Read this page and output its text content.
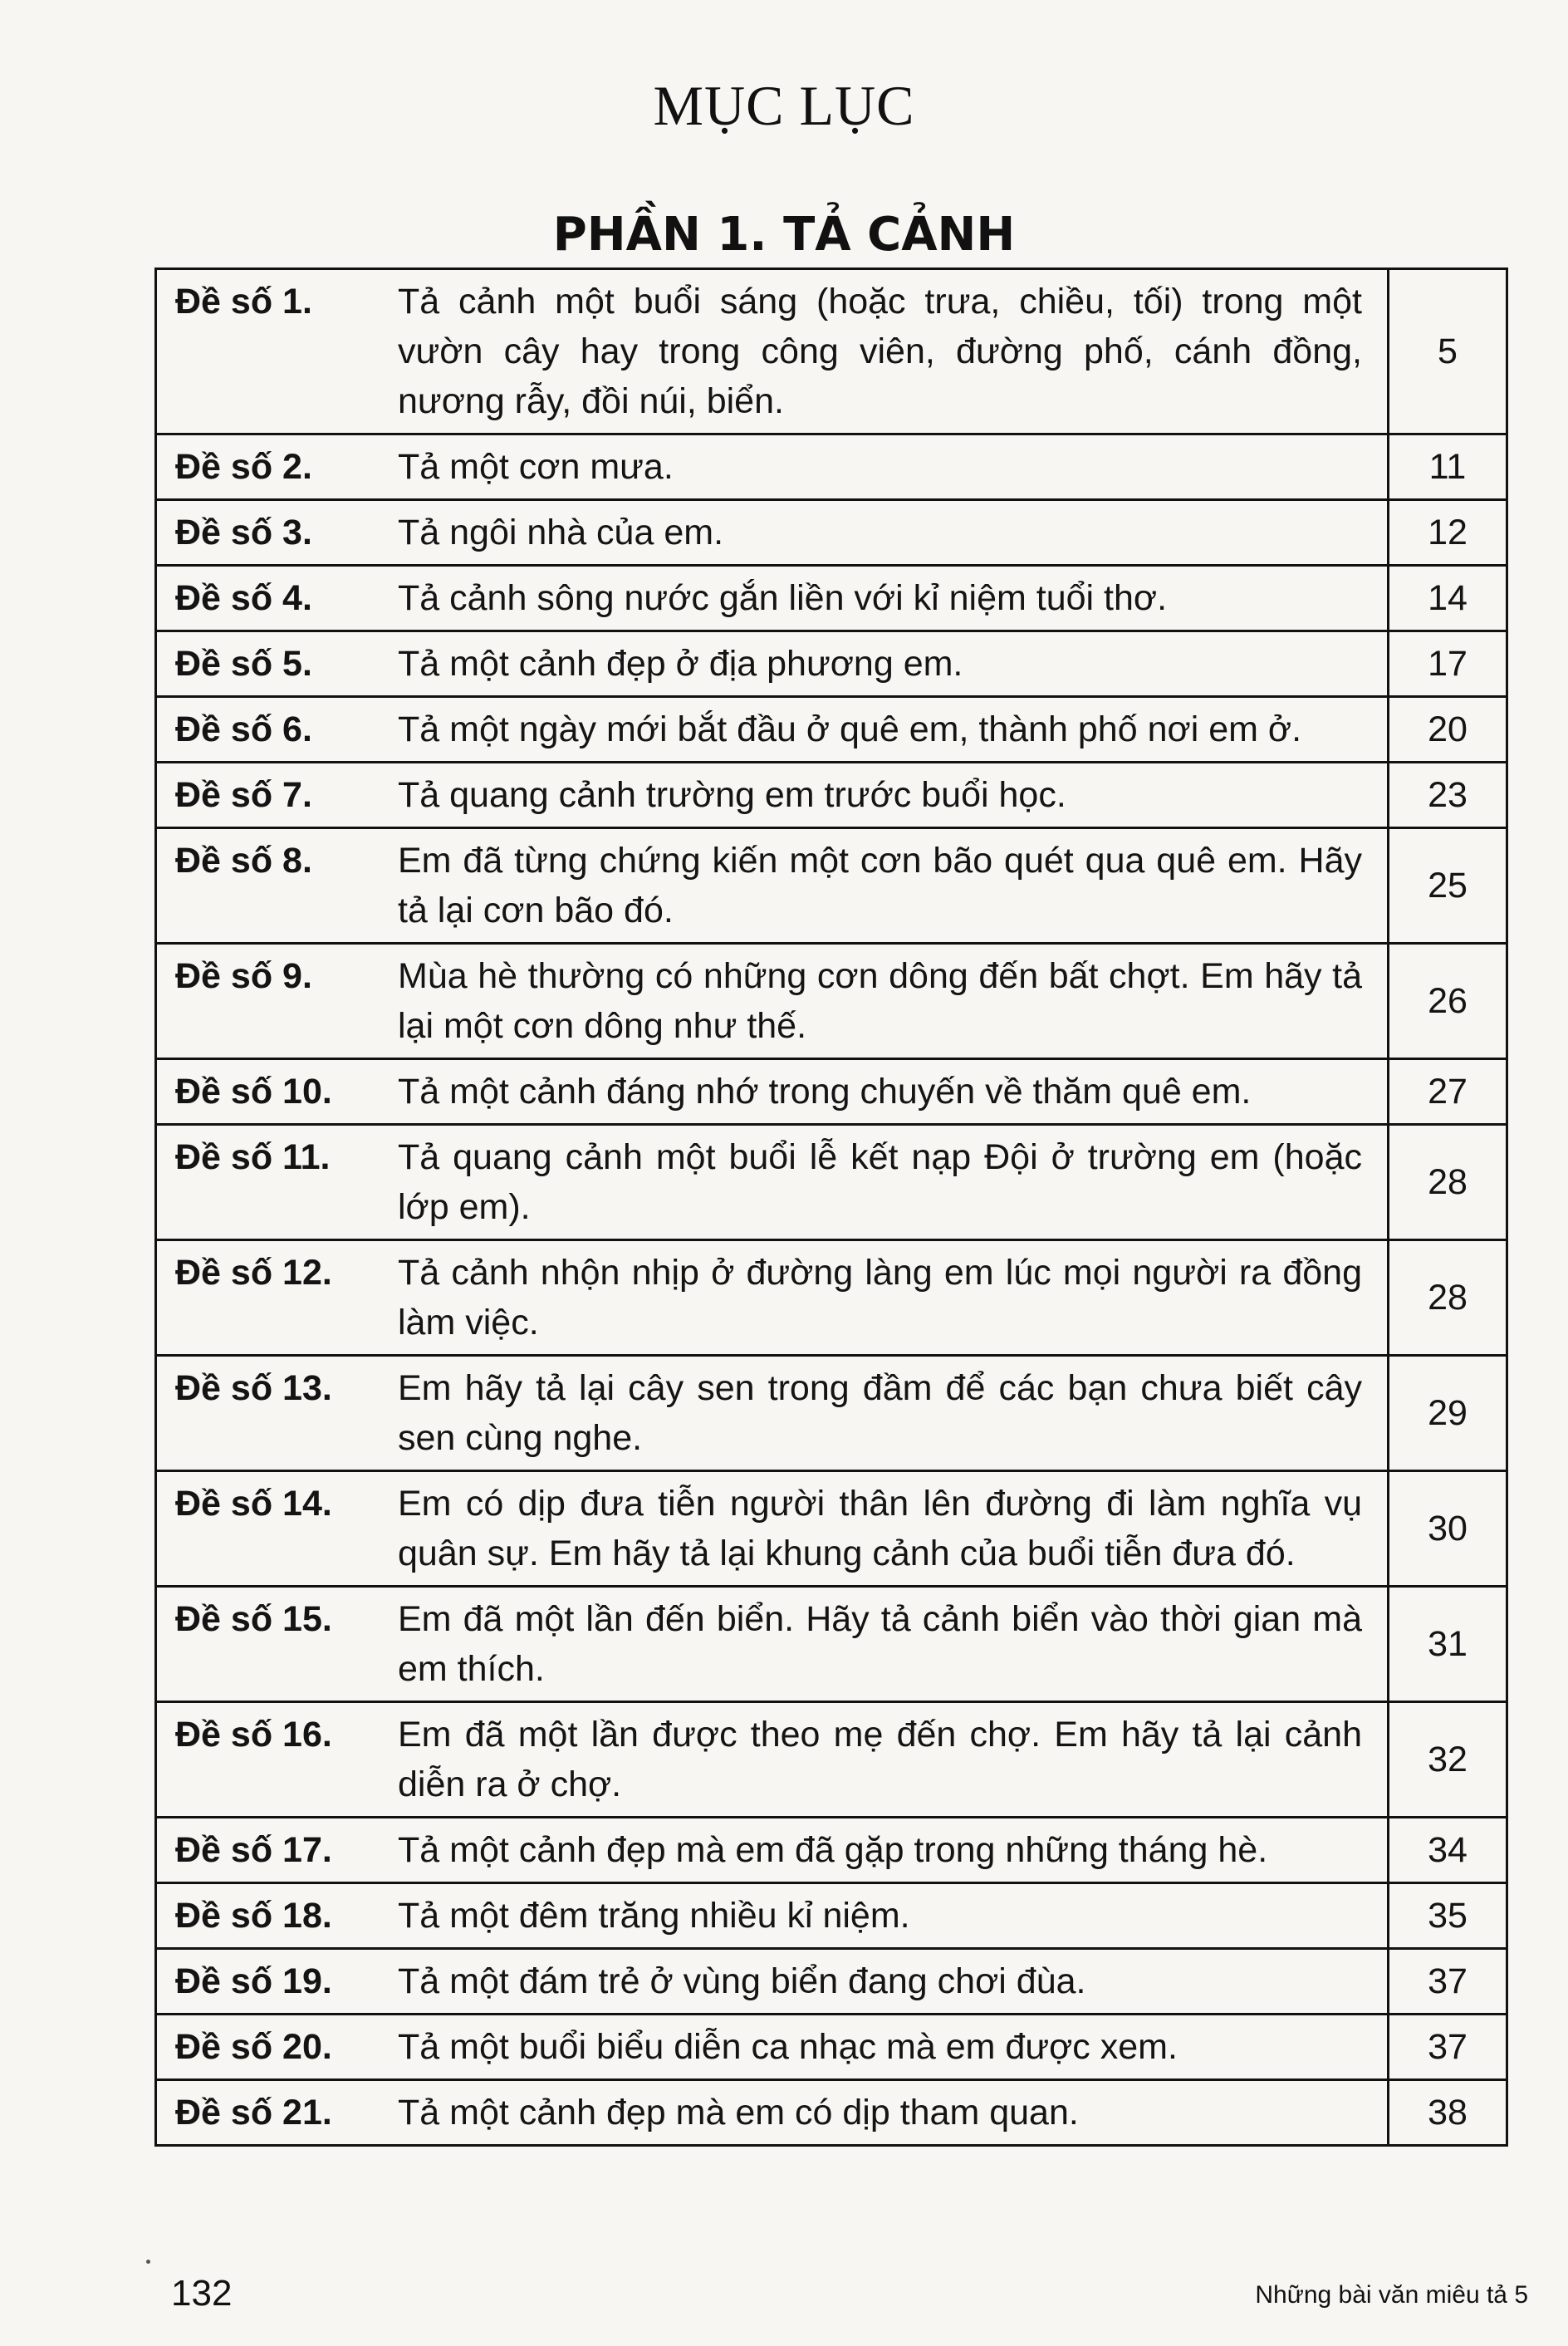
MỤC LỤC
PHẦN 1. TẢ CẢNH
Đề số 1. Tả cảnh một buổi sáng (hoặc trưa, chiều, tối) trong một vườn cây hay trong công viên, đường phố, cánh đồng, nương rẫy, đồi núi, biển.	5

Đề số 2. Tả một cơn mưa.	11

Đề số 3. Tả ngôi nhà của em.	12

Đề số 4. Tả cảnh sông nước gắn liền với kỉ niệm tuổi thơ.	14

Đề số 5. Tả một cảnh đẹp ở địa phương em.	17

Đề số 6. Tả một ngày mới bắt đầu ở quê em, thành phố nơi em ở.	20

Đề số 7. Tả quang cảnh trường em trước buổi học.	23

Đề số 8. Em đã từng chứng kiến một cơn bão quét qua quê em. Hãy tả lại cơn bão đó.	25

Đề số 9. Mùa hè thường có những cơn dông đến bất chợt. Em hãy tả lại một cơn dông như thế.	26

Đề số 10. Tả một cảnh đáng nhớ trong chuyến về thăm quê em.	27

Đề số 11. Tả quang cảnh một buổi lễ kết nạp Đội ở trường em (hoặc lớp em).	28

Đề số 12. Tả cảnh nhộn nhịp ở đường làng em lúc mọi người ra đồng làm việc.	28

Đề số 13. Em hãy tả lại cây sen trong đầm để các bạn chưa biết cây sen cùng nghe.	29

Đề số 14. Em có dịp đưa tiễn người thân lên đường đi làm nghĩa vụ quân sự. Em hãy tả lại khung cảnh của buổi tiễn đưa đó.	30

Đề số 15. Em đã một lần đến biển. Hãy tả cảnh biển vào thời gian mà em thích.	31

Đề số 16. Em đã một lần được theo mẹ đến chợ. Em hãy tả lại cảnh diễn ra ở chợ.	32

Đề số 17. Tả một cảnh đẹp mà em đã gặp trong những tháng hè.	34

Đề số 18. Tả một đêm trăng nhiều kỉ niệm.	35

Đề số 19. Tả một đám trẻ ở vùng biển đang chơi đùa.	37

Đề số 20. Tả một buổi biểu diễn ca nhạc mà em được xem.	37

Đề số 21. Tả một cảnh đẹp mà em có dịp tham quan.	38
132	Những bài văn miêu tả 5
